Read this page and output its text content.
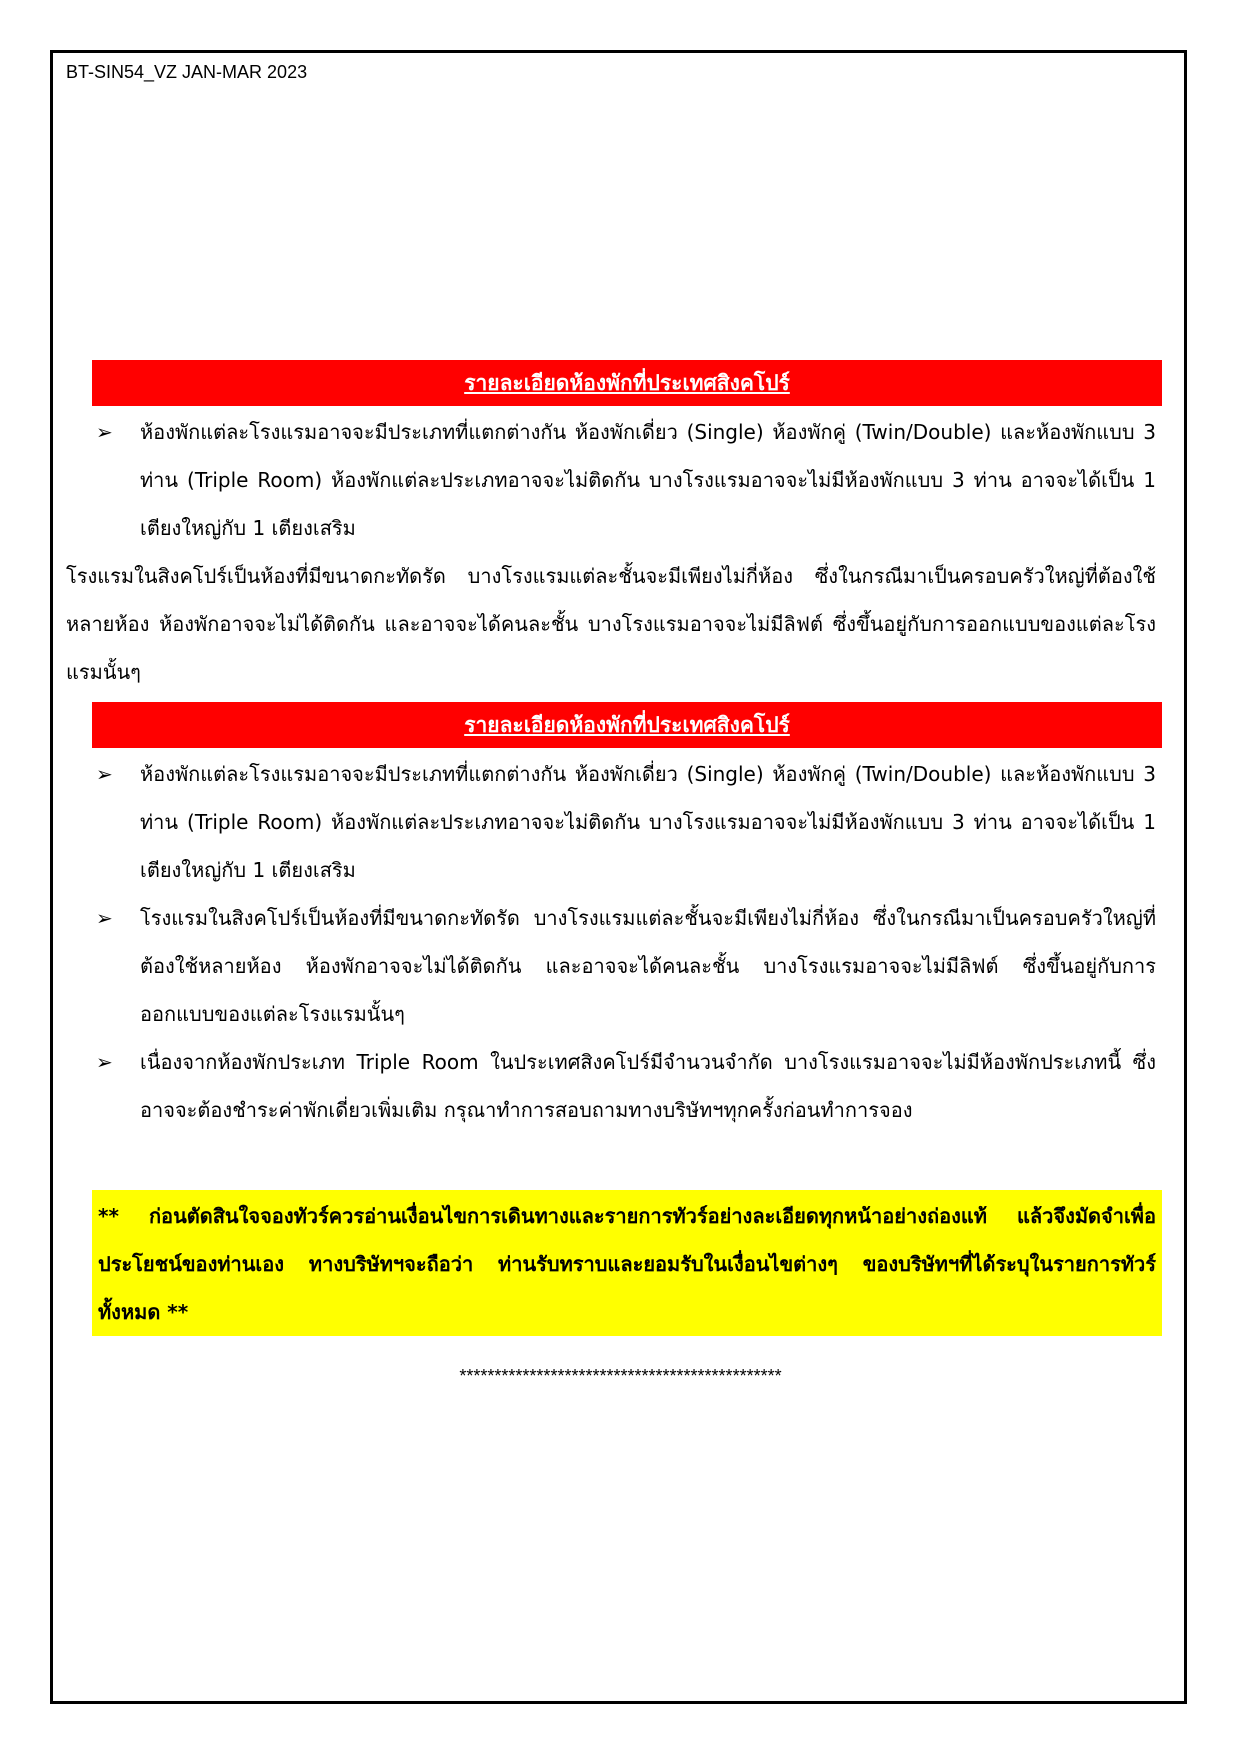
BT-SIN54_VZ JAN-MAR 2023
รายละเอียดห้องพักที่ประเทศสิงคโปร์
➢ ห้องพักแต่ละโรงแรมอาจจะมีประเภทที่แตกต่างกัน ห้องพักเดี่ยว (Single) ห้องพักคู่ (Twin/Double) และห้องพักแบบ 3 ท่าน (Triple Room) ห้องพักแต่ละประเภทอาจจะไม่ติดกัน บางโรงแรมอาจจะไม่มีห้องพักแบบ 3 ท่าน อาจจะได้เป็น 1 เตียงใหญ่กับ 1 เตียงเสริม
โรงแรมในสิงคโปร์เป็นห้องที่มีขนาดกะทัดรัด บางโรงแรมแต่ละชั้นจะมีเพียงไม่กี่ห้อง ซึ่งในกรณีมาเป็นครอบครัวใหญ่ที่ต้องใช้หลายห้อง ห้องพักอาจจะไม่ได้ติดกัน และอาจจะได้คนละชั้น บางโรงแรมอาจจะไม่มีลิฟต์ ซึ่งขึ้นอยู่กับการออกแบบของแต่ละโรงแรมนั้นๆ
รายละเอียดห้องพักที่ประเทศสิงคโปร์
➢ ห้องพักแต่ละโรงแรมอาจจะมีประเภทที่แตกต่างกัน ห้องพักเดี่ยว (Single) ห้องพักคู่ (Twin/Double) และห้องพักแบบ 3 ท่าน (Triple Room) ห้องพักแต่ละประเภทอาจจะไม่ติดกัน บางโรงแรมอาจจะไม่มีห้องพักแบบ 3 ท่าน อาจจะได้เป็น 1 เตียงใหญ่กับ 1 เตียงเสริม
➢ โรงแรมในสิงคโปร์เป็นห้องที่มีขนาดกะทัดรัด บางโรงแรมแต่ละชั้นจะมีเพียงไม่กี่ห้อง ซึ่งในกรณีมาเป็นครอบครัวใหญ่ที่ต้องใช้หลายห้อง ห้องพักอาจจะไม่ได้ติดกัน และอาจจะได้คนละชั้น บางโรงแรมอาจจะไม่มีลิฟต์ ซึ่งขึ้นอยู่กับการออกแบบของแต่ละโรงแรมนั้นๆ
➢ เนื่องจากห้องพักประเภท Triple Room ในประเทศสิงคโปร์มีจำนวนจำกัด บางโรงแรมอาจจะไม่มีห้องพักประเภทนี้ ซึ่งอาจจะต้องชำระค่าพักเดี่ยวเพิ่มเติม กรุณาทำการสอบถามทางบริษัทฯทุกครั้งก่อนทำการจอง

** ก่อนตัดสินใจจองทัวร์ควรอ่านเงื่อนไขการเดินทางและรายการทัวร์อย่างละเอียดทุกหน้าอย่างถ่องแท้ แล้วจึงมัดจำเพื่อประโยชน์ของท่านเอง ทางบริษัทฯจะถือว่า ท่านรับทราบและยอมรับในเงื่อนไขต่างๆ ของบริษัทฯที่ได้ระบุในรายการทัวร์ทั้งหมด **

**********************************************
